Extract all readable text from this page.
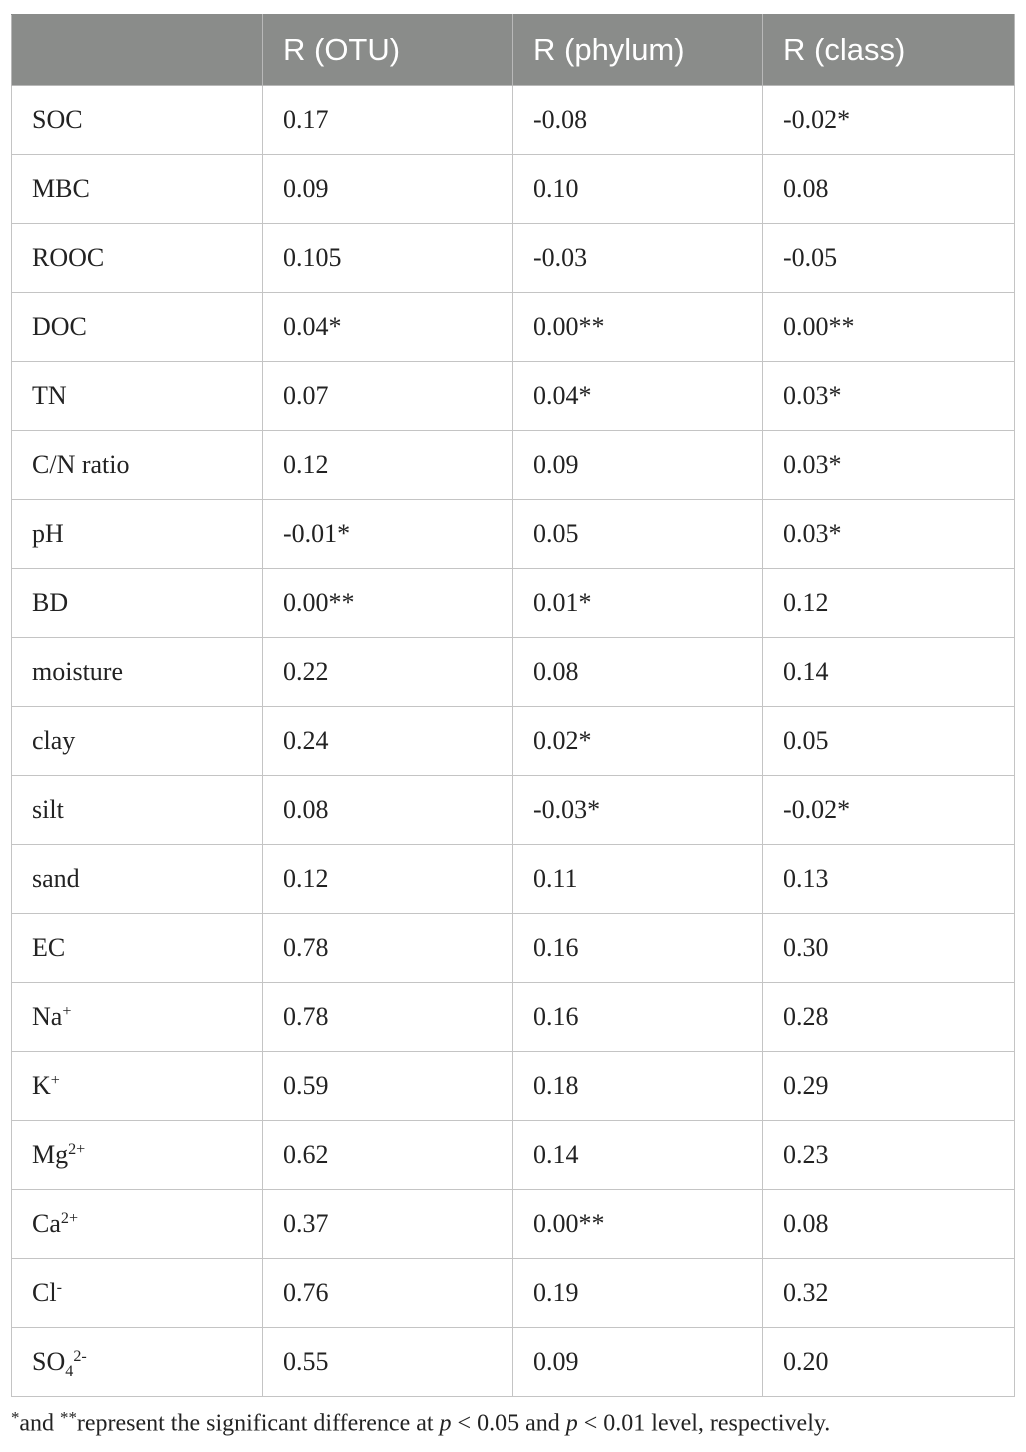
	R (OTU)	R (phylum)	R (class)
SOC	0.17	-0.08	-0.02*
MBC	0.09	0.10	0.08
ROOC	0.105	-0.03	-0.05
DOC	0.04*	0.00**	0.00**
TN	0.07	0.04*	0.03*
C/N ratio	0.12	0.09	0.03*
pH	-0.01*	0.05	0.03*
BD	0.00**	0.01*	0.12
moisture	0.22	0.08	0.14
clay	0.24	0.02*	0.05
silt	0.08	-0.03*	-0.02*
sand	0.12	0.11	0.13
EC	0.78	0.16	0.30
Na+	0.78	0.16	0.28
K+	0.59	0.18	0.29
$Mg^{2+}$	0.62	0.14	0.23
$Ca^{2+}$	0.37	0.00**	0.08
Cl-	0.76	0.19	0.32
$SO_4^{2-}$	0.55	0.09	0.20
*and **represent the significant difference at p < 0.05 and p < 0.01 level, respectively.
